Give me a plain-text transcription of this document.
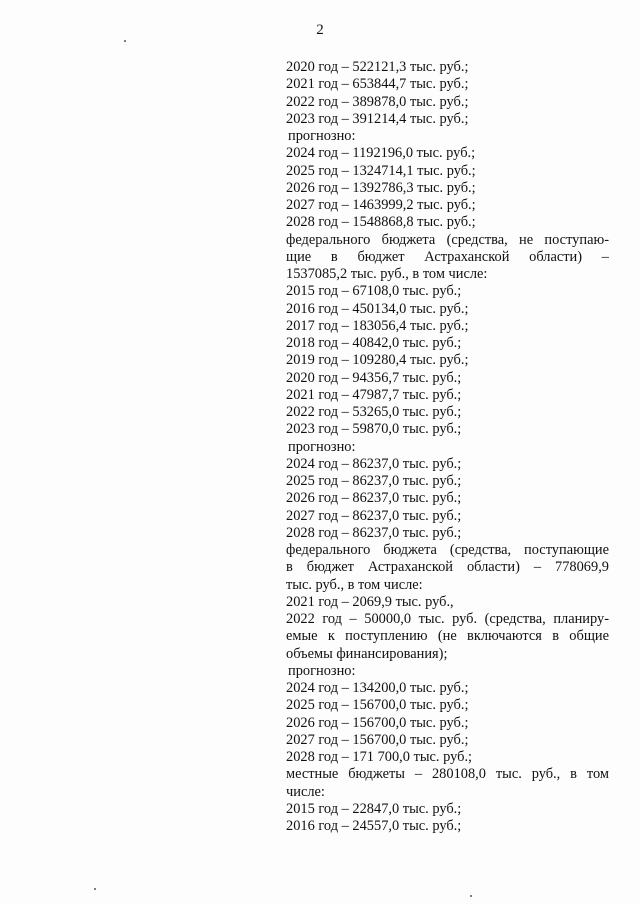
2
2020 год – 522121,3 тыс. руб.;
2021 год – 653844,7 тыс. руб.;
2022 год – 389878,0 тыс. руб.;
2023 год – 391214,4 тыс. руб.;
прогнозно:
2024 год – 1192196,0 тыс. руб.;
2025 год – 1324714,1 тыс. руб.;
2026 год – 1392786,3 тыс. руб.;
2027 год – 1463999,2 тыс. руб.;
2028 год – 1548868,8 тыс. руб.;
федерального бюджета (средства, не поступаю-
щие в бюджет Астраханской области) –
1537085,2 тыс. руб., в том числе:
2015 год – 67108,0 тыс. руб.;
2016 год – 450134,0 тыс. руб.;
2017 год – 183056,4 тыс. руб.;
2018 год – 40842,0 тыс. руб.;
2019 год – 109280,4 тыс. руб.;
2020 год – 94356,7 тыс. руб.;
2021 год – 47987,7 тыс. руб.;
2022 год – 53265,0 тыс. руб.;
2023 год – 59870,0 тыс. руб.;
прогнозно:
2024 год – 86237,0 тыс. руб.;
2025 год – 86237,0 тыс. руб.;
2026 год – 86237,0 тыс. руб.;
2027 год – 86237,0 тыс. руб.;
2028 год – 86237,0 тыс. руб.;
федерального бюджета (средства, поступающие
в бюджет Астраханской области) – 778069,9
тыс. руб., в том числе:
2021 год – 2069,9 тыс. руб.,
2022 год – 50000,0 тыс. руб. (средства, планиру-
емые к поступлению (не включаются в общие
объемы финансирования);
прогнозно:
2024 год – 134200,0 тыс. руб.;
2025 год – 156700,0 тыс. руб.;
2026 год – 156700,0 тыс. руб.;
2027 год – 156700,0 тыс. руб.;
2028 год – 171 700,0 тыс. руб.;
местные бюджеты – 280108,0 тыс. руб., в том
числе:
2015 год – 22847,0 тыс. руб.;
2016 год – 24557,0 тыс. руб.;
